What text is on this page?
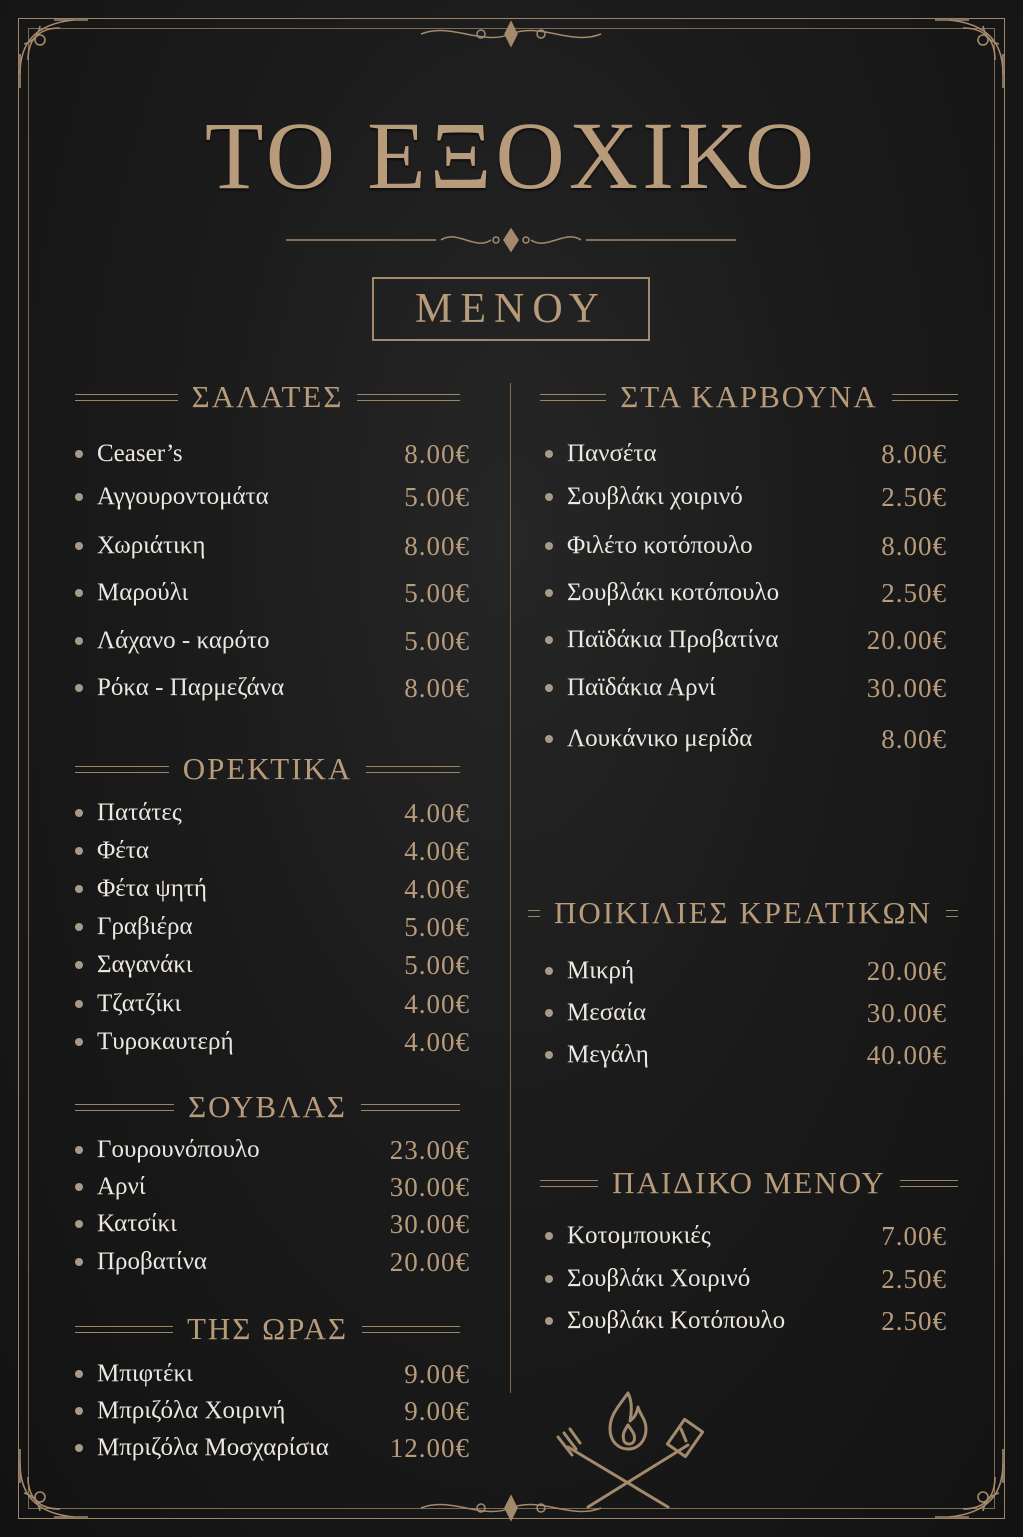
ΤΟ ΕΞΟΧΙΚΟ
ΜΕΝΟΥ
ΣΑΛΑΤΕΣ
Ceaser’s	8.00€
Αγγουροντομάτα	5.00€
Χωριάτικη	8.00€
Μαρούλι	5.00€
Λάχανο - καρότο	5.00€
Ρόκα - Παρμεζάνα	8.00€
ΟΡΕΚΤΙΚΑ
Πατάτες	4.00€
Φέτα	4.00€
Φέτα ψητή	4.00€
Γραβιέρα	5.00€
Σαγανάκι	5.00€
Τζατζίκι	4.00€
Τυροκαυτερή	4.00€
ΣΟΥΒΛΑΣ
Γουρουνόπουλο	23.00€
Αρνί	30.00€
Κατσίκι	30.00€
Προβατίνα	20.00€
ΤΗΣ ΩΡΑΣ
Μπιφτέκι	9.00€
Μπριζόλα Χοιρινή	9.00€
Μπριζόλα Μοσχαρίσια	12.00€
ΣΤΑ ΚΑΡΒΟΥΝΑ
Πανσέτα	8.00€
Σουβλάκι χοιρινό	2.50€
Φιλέτο κοτόπουλο	8.00€
Σουβλάκι κοτόπουλο	2.50€
Παϊδάκια Προβατίνα	20.00€
Παϊδάκια Αρνί	30.00€
Λουκάνικο μερίδα	8.00€
ΠΟΙΚΙΛΙΕΣ ΚΡΕΑΤΙΚΩΝ
Μικρή	20.00€
Μεσαία	30.00€
Μεγάλη	40.00€
ΠΑΙΔΙΚΟ ΜΕΝΟΥ
Κοτομπουκιές	7.00€
Σουβλάκι Χοιρινό	2.50€
Σουβλάκι Κοτόπουλο	2.50€
